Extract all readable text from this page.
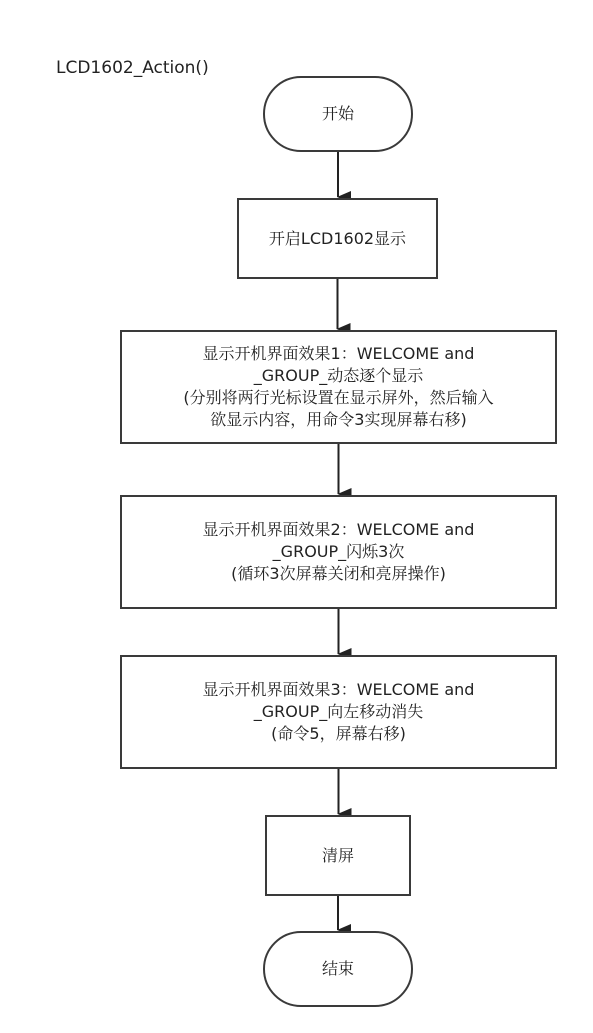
LCD1602_Action()
开始
开启LCD1602显示
显示开机界面效果1：WELCOME and
_GROUP_动态逐个显示
(分别将两行光标设置在显示屏外，然后输入
欲显示内容，用命令3实现屏幕右移)
显示开机界面效果2：WELCOME and
_GROUP_闪烁3次
(循环3次屏幕关闭和亮屏操作)
显示开机界面效果3：WELCOME and
_GROUP_向左移动消失
(命令5，屏幕右移)
清屏
结束
